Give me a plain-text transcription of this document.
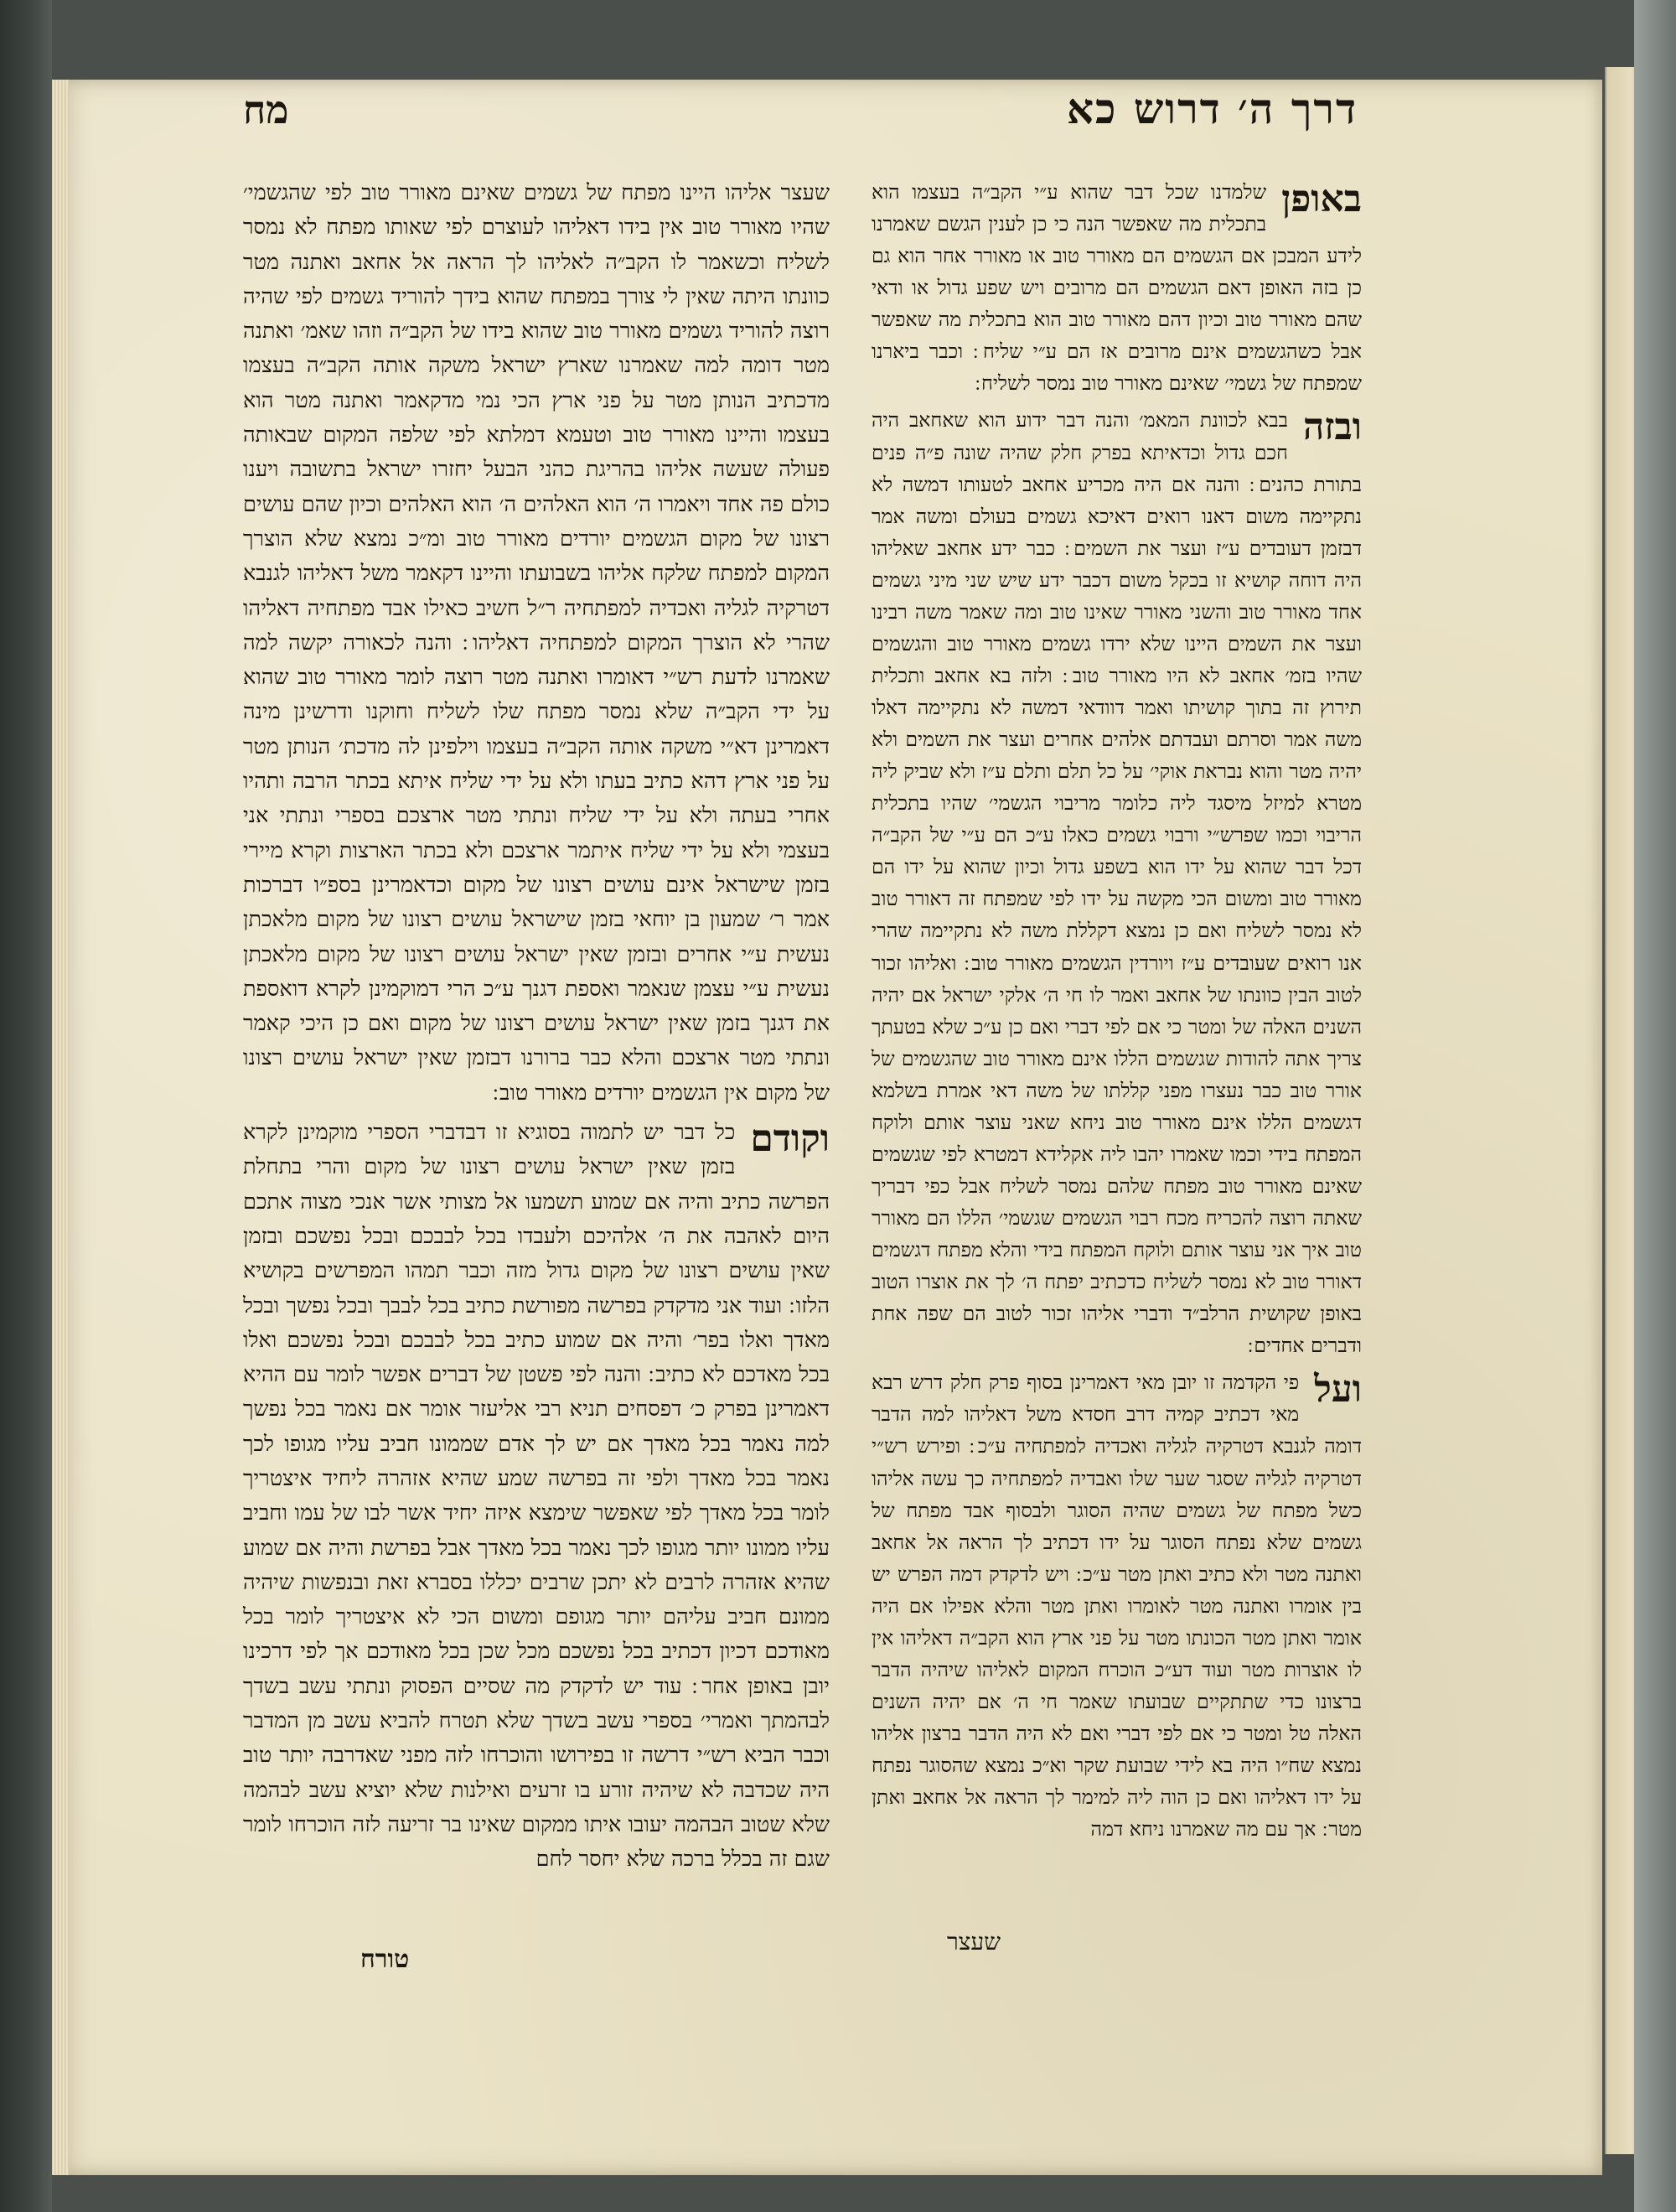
דרך ה׳ דרוש כא
מח

באופן
שלמדנו שכל דבר שהוא ע״י הקב״ה בעצמו הוא בתכלית מה שאפשר הנה כי כן לענין הגשם שאמרנו לידע המבכן אם הגשמים הם מאורר טוב או מאורר אחר הוא גם כן בזה האופן דאם הגשמים הם מרובים ויש שפע גדול או ודאי שהם מאורר טוב וכיון דהם מאורר טוב הוא בתכלית מה שאפשר אבל כשהגשמים אינם מרובים אז הם ע״י שליח ׃ וכבר ביארנו שמפתח של גשמי׳ שאינם מאורר טוב נמסר לשליח ׃

ובזה
בבא לכוונת המאמ׳ והנה דבר ידוע הוא שאחאב היה חכם גדול וכדאיתא בפרק חלק שהיה שונה פ״ה פנים בתורת כהנים ׃ והנה אם היה מכריע אחאב לטעותו דמשה לא נתקיימה משום דאנו רואים דאיכא גשמים בעולם ומשה אמר דבזמן דעובדים ע״ז ועצר את השמים ׃ כבר ידע אחאב שאליהו היה דוחה קושיא זו בכקל משום דכבר ידע שיש שני מיני גשמים אחד מאורר טוב והשני מאורר שאינו טוב ומה שאמר משה רבינו ועצר את השמים היינו שלא ירדו גשמים מאורר טוב והגשמים שהיו בזמ׳ אחאב לא היו מאורר טוב ׃ ולזה בא אחאב ותכלית תירוץ זה בתוך קושיתו ואמר דוודאי דמשה לא נתקיימה דאלו משה אמר וסרתם ועבדתם אלהים אחרים ועצר את השמים ולא יהיה מטר והוא נבראת אוקי׳ על כל תלם ותלם ע״ז ולא שביק ליה מטרא למיזל מיסגד ליה כלומר מריבוי הגשמי׳ שהיו בתכלית הריבוי וכמו שפרש״י ורבוי גשמים כאלו ע״כ הם ע״י של הקב״ה דכל דבר שהוא על ידו הוא בשפע גדול וכיון שהוא על ידו הם מאורר טוב ומשום הכי מקשה על ידו לפי שמפתח זה דאורר טוב לא נמסר לשליח ואם כן נמצא דקללת משה לא נתקיימה שהרי אנו רואים שעובדים ע״ז ויורדין הגשמים מאורר טוב ׃ ואליהו זכור לטוב הבין כוונתו של אחאב ואמר לו חי ה׳ אלקי ישראל אם יהיה השנים האלה של ומטר כי אם לפי דברי ואם כן ע״כ שלא בטעתך צריך אתה להודות שגשמים הללו אינם מאורר טוב שהגשמים של אורר טוב כבר נעצרו מפני קללתו של משה דאי אמרת בשלמא דגשמים הללו אינם מאורר טוב ניחא שאני עוצר אותם ולוקח המפתח בידי וכמו שאמרו יהבו ליה אקלידא דמטרא לפי שגשמים שאינם מאורר טוב מפתח שלהם נמסר לשליח אבל כפי דבריך שאתה רוצה להכריח מכח רבוי הגשמים שגשמי׳ הללו הם מאורר טוב איך אני עוצר אותם ולוקח המפתח בידי והלא מפתח דגשמים דאורר טוב לא נמסר לשליח כדכתיב יפתח ה׳ לך את אוצרו הטוב באופן שקושית הרלב״ד ודברי אליהו זכור לטוב הם שפה אחת ודברים אחדים ׃

ועל
פי הקדמה זו יובן מאי דאמרינן בסוף פרק חלק דרש רבא מאי דכתיב קמיה דרב חסדא משל דאליהו למה הדבר דומה לגנבא דטרקיה לגליה ואכדיה למפתחיה ע״כ ׃ ופירש רש״י דטרקיה לגליה שסגר שער שלו ואבדיה למפתחיה כך עשה אליהו כשל מפתח של גשמים שהיה הסוגר ולבסוף אבד מפתח של גשמים שלא נפתח הסוגר על ידו דכתיב לך הראה אל אחאב ואתנה מטר ולא כתיב ואתן מטר ע״כ ׃ ויש לדקדק דמה הפרש יש בין אומרו ואתנה מטר לאומרו ואתן מטר והלא אפילו אם היה אומר ואתן מטר הכונתו מטר על פני ארץ הוא הקב״ה דאליהו אין לו אוצרות מטר ועוד דע״כ הוכרח המקום לאליהו שיהיה הדבר ברצונו כדי שתתקיים שבועתו שאמר חי ה׳ אם יהיה השנים האלה טל ומטר כי אם לפי דברי ואם לא היה הדבר ברצון אליהו נמצא שח״ו היה בא לידי שבועת שקר וא״כ נמצא שהסוגר נפתח על ידו דאליהו ואם כן הוה ליה למימר לך הראה אל אחאב ואתן מטר ׃ אך עם מה שאמרנו ניחא דמה

שעצר אליהו היינו מפתח של גשמים שאינם מאורר טוב לפי שהגשמי׳ שהיו מאורר טוב אין בידו דאליהו לעוצרם לפי שאותו מפתח לא נמסר לשליח וכשאמר לו הקב״ה לאליהו לך הראה אל אחאב ואתנה מטר כוונתו היתה שאין לי צורך במפתח שהוא בידך להוריד גשמים לפי שהיה רוצה להוריד גשמים מאורר טוב שהוא בידו של הקב״ה וזהו שאמ׳ ואתנה מטר דומה למה שאמרנו שארץ ישראל משקה אותה הקב״ה בעצמו מדכתיב הנותן מטר על פני ארץ הכי נמי מדקאמר ואתנה מטר הוא בעצמו והיינו מאורר טוב וטעמא דמלתא לפי שלפה המקום שבאותה פעולה שעשה אליהו בהריגת כהני הבעל יחזרו ישראל בתשובה ויענו כולם פה אחד ויאמרו ה׳ הוא האלהים ה׳ הוא האלהים וכיון שהם עושים רצונו של מקום הגשמים יורדים מאורר טוב ומ״כ נמצא שלא הוצרך המקום למפתח שלקח אליהו בשבועתו והיינו דקאמר משל דאליהו לגנבא דטרקיה לגליה ואכדיה למפתחיה ר״ל חשיב כאילו אבד מפתחיה דאליהו שהרי לא הוצרך המקום למפתחיה דאליהו ׃ והנה לכאורה יקשה למה שאמרנו לדעת רש״י דאומרו ואתנה מטר רוצה לומר מאורר טוב שהוא על ידי הקב״ה שלא נמסר מפתח שלו לשליח וחוקנו ודרשינן מינה דאמרינן דא״י משקה אותה הקב״ה בעצמו וילפינן לה מדכת׳ הנותן מטר על פני ארץ דהא כתיב בעתו ולא על ידי שליח איתא בכתר הרבה ותהיו אחרי בעתה ולא על ידי שליח ונתתי מטר ארצכם בספרי ונתתי אני בעצמי ולא על ידי שליח איתמר ארצכם ולא בכתר הארצות וקרא מיירי בזמן שישראל אינם עושים רצונו של מקום וכדאמרינן בספ״ו דברכות אמר ר׳ שמעון בן יוחאי בזמן שישראל עושים רצונו של מקום מלאכתן נעשית ע״י אחרים ובזמן שאין ישראל עושים רצונו של מקום מלאכתן נעשית ע״י עצמן שנאמר ואספת דגנך ע״כ הרי דמוקמינן לקרא דואספת את דגנך בזמן שאין ישראל עושים רצונו של מקום ואם כן היכי קאמר ונתתי מטר ארצכם והלא כבר ברורנו דבזמן שאין ישראל עושים רצונו של מקום אין הגשמים יורדים מאורר טוב ׃

וקודם
כל דבר יש לתמוה בסוגיא זו דבדברי הספרי מוקמינן לקרא בזמן שאין ישראל עושים רצונו של מקום והרי בתחלת הפרשה כתיב והיה אם שמוע תשמעו אל מצותי אשר אנכי מצוה אתכם היום לאהבה את ה׳ אלהיכם ולעבדו בכל לבבכם ובכל נפשכם ובזמן שאין עושים רצונו של מקום גדול מזה וכבר תמהו המפרשים בקושיא הלזו ׃ ועוד אני מדקדק בפרשה מפורשת כתיב בכל לבבך ובכל נפשך ובכל מאדך ואלו בפר׳ והיה אם שמוע כתיב בכל לבבכם ובכל נפשכם ואלו בכל מאדכם לא כתיב ׃ והנה לפי פשטן של דברים אפשר לומר עם ההיא דאמרינן בפרק כ׳ דפסחים תניא רבי אליעזר אומר אם נאמר בכל נפשך למה נאמר בכל מאדך אם יש לך אדם שממונו חביב עליו מגופו לכך נאמר בכל מאדך ולפי זה בפרשה שמע שהיא אזהרה ליחיד איצטריך לומר בכל מאדך לפי שאפשר שימצא איזה יחיד אשר לבו של עמו וחביב עליו ממונו יותר מגופו לכך נאמר בכל מאדך אבל בפרשת והיה אם שמוע שהיא אזהרה לרבים לא יתכן שרבים יכללו בסברא זאת ובנפשות שיהיה ממונם חביב עליהם יותר מגופם ומשום הכי לא איצטריך לומר בכל מאודכם דכיון דכתיב בכל נפשכם מכל שכן בכל מאודכם אך לפי דרכינו יובן באופן אחר ׃ עוד יש לדקדק מה שסיים הפסוק ונתתי עשב בשדך לבהמתך ואמרי׳ בספרי עשב בשדך שלא תטרח להביא עשב מן המדבר וכבר הביא רש״י דרשה זו בפירושו והוכרחו לזה מפני שאדרבה יותר טוב היה שכדבה לא שיהיה זורע בו זרעים ואילנות שלא יוציא עשב לבהמה שלא שטוב הבהמה יעובו איתו ממקום שאינו בר זריעה לזה הוכרחו לומר שגם זה בכלל ברכה שלא יחסר לחם

שעצר
טורח
